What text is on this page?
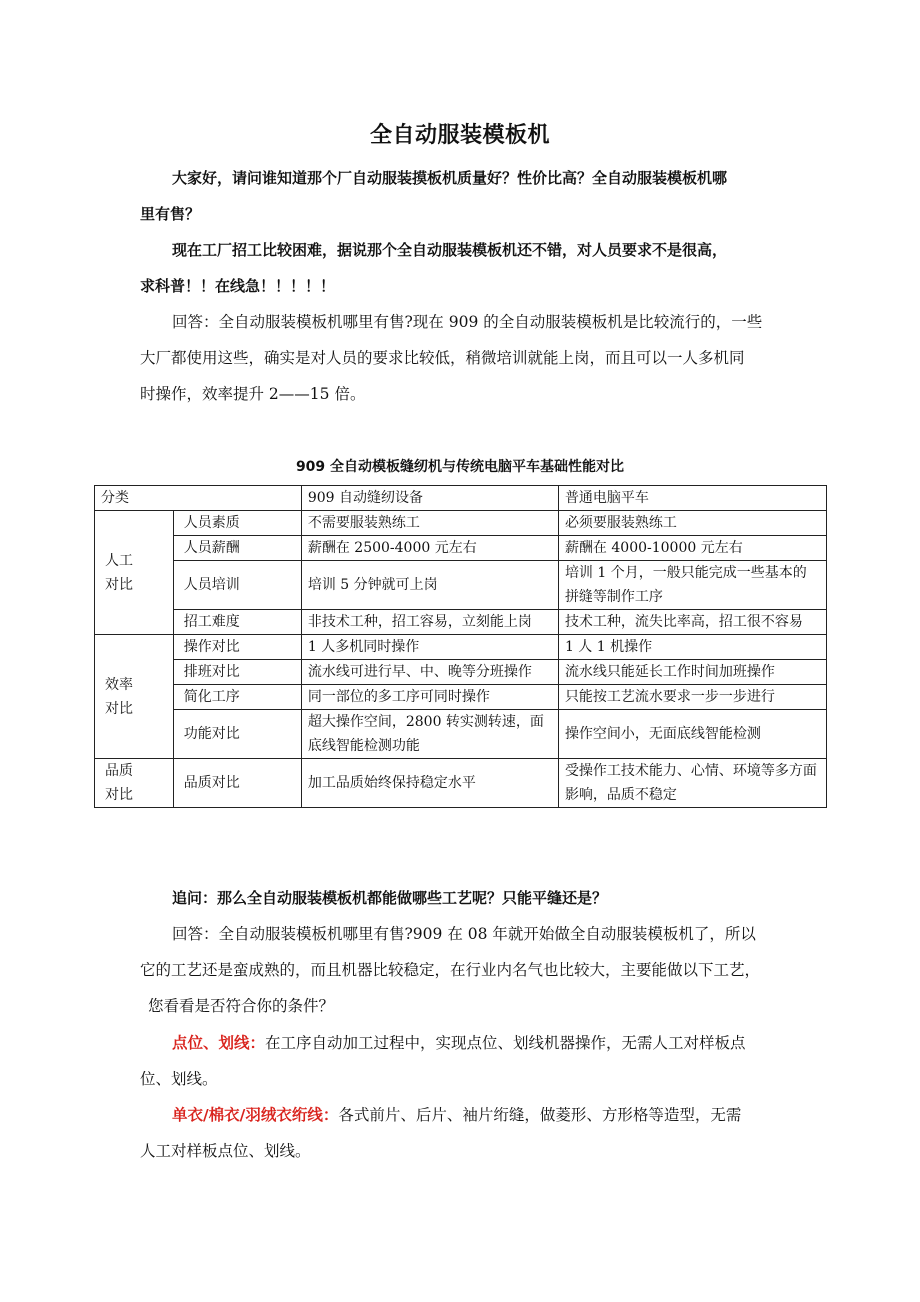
全自动服装模板机

大家好，请问谁知道那个厂自动服装摸板机质量好？性价比高？全自动服装模板机哪
里有售？

现在工厂招工比较困难，据说那个全自动服装模板机还不错，对人员要求不是很高，
求科普！！在线急！！！！！

回答：全自动服装模板机哪里有售?现在 909 的全自动服装模板机是比较流行的，一些
大厂都使用这些，确实是对人员的要求比较低，稍微培训就能上岗，而且可以一人多机同
时操作，效率提升 2——15 倍。

909 全自动模板缝纫机与传统电脑平车基础性能对比
分类		909 自动缝纫设备	普通电脑平车

人工对比	人员素质	不需要服装熟练工	必须要服装熟练工
	人员薪酬	薪酬在 2500-4000 元左右	薪酬在 4000-10000 元左右
	人员培训	培训 5 分钟就可上岗	培训 1 个月，一般只能完成一些基本的拼缝等制作工序
	招工难度	非技术工种，招工容易，立刻能上岗	技术工种，流失比率高，招工很不容易

效率对比	操作对比	1 人多机同时操作	1 人 1 机操作
	排班对比	流水线可进行早、中、晚等分班操作	流水线只能延长工作时间加班操作
	简化工序	同一部位的多工序可同时操作	只能按工艺流水要求一步一步进行
	功能对比	超大操作空间，2800 转实测转速，面底线智能检测功能	操作空间小，无面底线智能检测

品质对比	品质对比	加工品质始终保持稳定水平	受操作工技术能力、心情、环境等多方面影响，品质不稳定

追问：那么全自动服装模板机都能做哪些工艺呢？只能平缝还是？

回答：全自动服装模板机哪里有售?909 在 08 年就开始做全自动服装模板机了，所以
它的工艺还是蛮成熟的，而且机器比较稳定，在行业内名气也比较大，主要能做以下工艺，
您看看是否符合你的条件？

点位、划线：在工序自动加工过程中，实现点位、划线机器操作，无需人工对样板点
位、划线。

单衣/棉衣/羽绒衣绗线：各式前片、后片、袖片绗缝，做菱形、方形格等造型，无需
人工对样板点位、划线。
